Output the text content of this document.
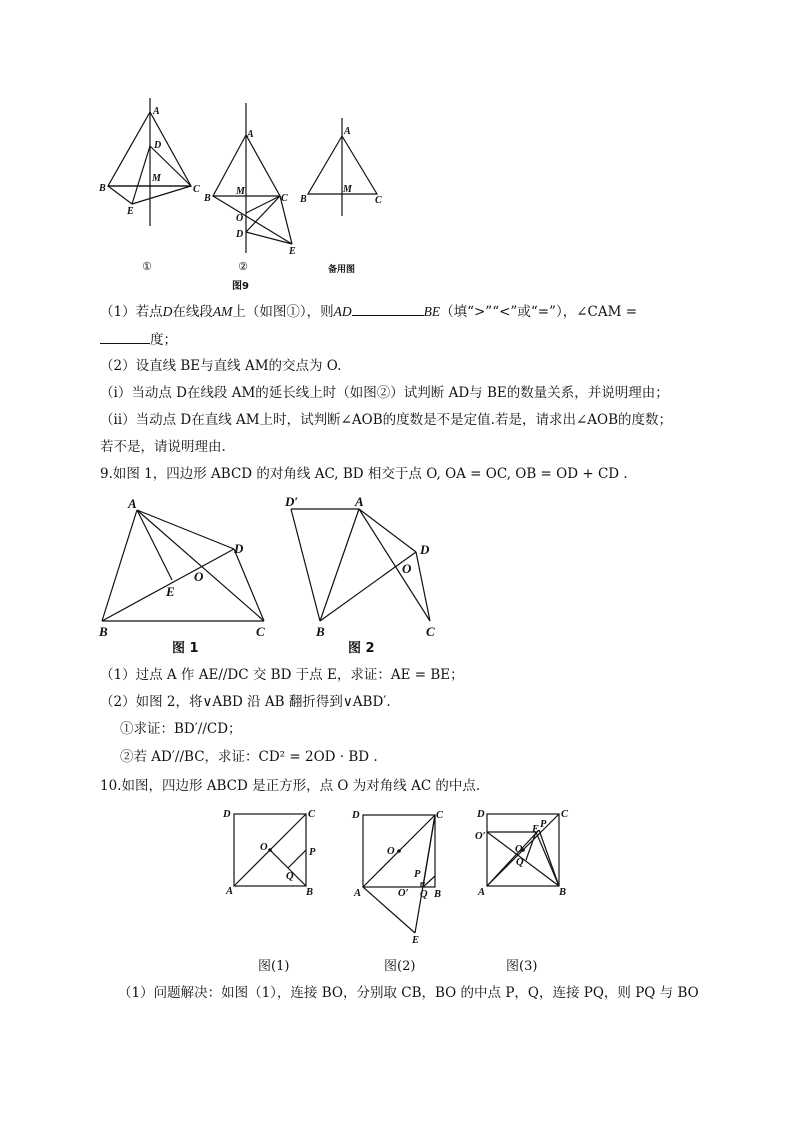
A
D
M
B	C
E
①
A
M
B	C
O
D
E
②
图9
A
M
B	C
备用图
（1）若点D在线段AM上（如图①），则AD	BE（填“>”“<”或“=”），∠CAM =
度；
（2）设直线 BE与直线 AM的交点为 O.
（ⅰ）当动点 D在线段 AM的延长线上时（如图②）试判断 AD与 BE的数量关系，并说明理由；
（ⅱ）当动点 D在直线 AM上时，试判断∠AOB的度数是不是定值.若是，请求出∠AOB的度数；
若不是，请说明理由.
9.如图 1，四边形 ABCD 的对角线 AC, BD 相交于点 O, OA = OC, OB = OD + CD .
A
D
O
E
B	C
图 1
D′	A
D
O
B	C
图 2
（1）过点 A 作 AE//DC 交 BD 于点 E，求证：AE = BE；
（2）如图 2，将∨ABD 沿 AB 翻折得到∨ABD′.
①求证：BD′//CD；
②若 AD′//BC，求证：CD² = 2OD · BD .
10.如图，四边形 ABCD 是正方形，点 O 为对角线 AC 的中点.
D	C
O	P
Q
A	B
图(1)
D	C
O
P
A	O′ Q B
E
图(2)
D	C
O′
E P
O
Q
A	B
图(3)
（1）问题解决：如图（1），连接 BO，分别取 CB，BO 的中点 P，Q，连接 PQ，则 PQ 与 BO
